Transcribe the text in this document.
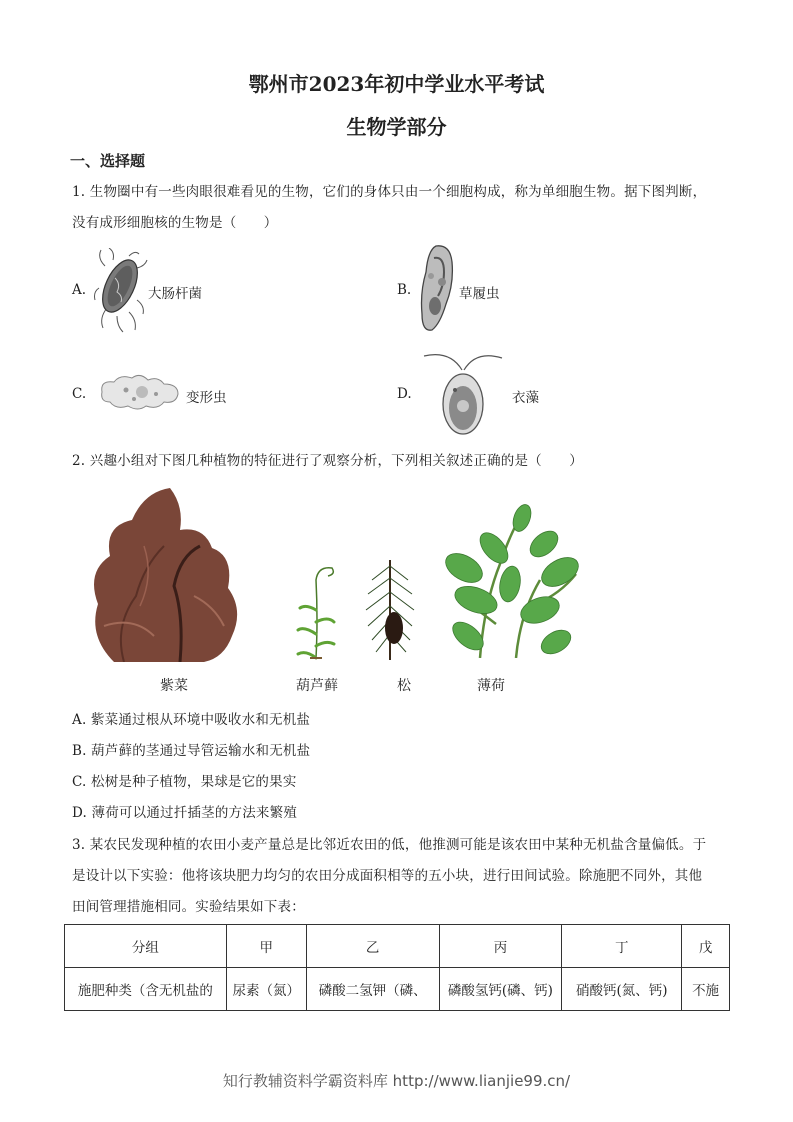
鄂州市2023年初中学业水平考试
生物学部分
一、选择题
1. 生物圈中有一些肉眼很难看见的生物，它们的身体只由一个细胞构成，称为单细胞生物。据下图判断，
没有成形细胞核的生物是（　　）
A.	大肠杆菌	B.	草履虫
C.	变形虫	D.	衣藻
2. 兴趣小组对下图几种植物的特征进行了观察分析，下列相关叙述正确的是（　　）
紫菜	葫芦藓	松	薄荷
A. 紫菜通过根从环境中吸收水和无机盐
B. 葫芦藓的茎通过导管运输水和无机盐
C. 松树是种子植物，果球是它的果实
D. 薄荷可以通过扦插茎的方法来繁殖
3. 某农民发现种植的农田小麦产量总是比邻近农田的低，他推测可能是该农田中某种无机盐含量偏低。于
是设计以下实验：他将该块肥力均匀的农田分成面积相等的五小块，进行田间试验。除施肥不同外，其他
田间管理措施相同。实验结果如下表：
分组	甲	乙	丙	丁	戊
施肥种类（含无机盐的	尿素（氮）	磷酸二氢钾（磷、	磷酸氢钙(磷、钙)	硝酸钙(氮、钙)	不施
知行教辅资料学霸资料库 http://www.lianjie99.cn/
